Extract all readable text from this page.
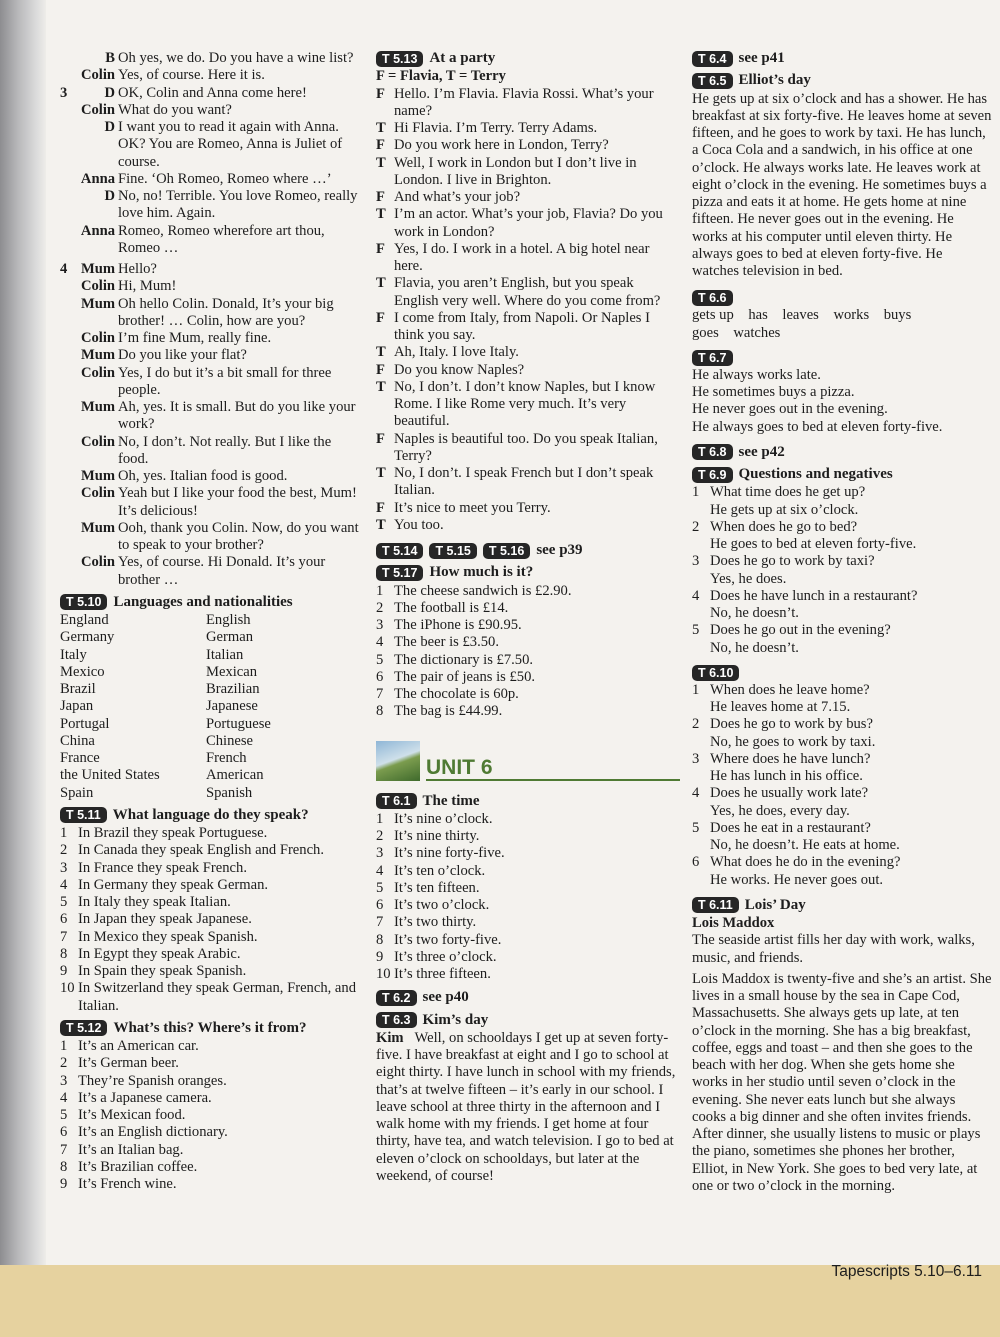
B Oh yes, we do. Do you have a wine list?
Colin Yes, of course. Here it is.
3	D OK, Colin and Anna come here!
Colin What do you want?
D I want you to read it again with Anna. OK? You are Romeo, Anna is Juliet of course.
Anna Fine. ‘Oh Romeo, Romeo where …’
D No, no! Terrible. You love Romeo, really love him. Again.
Anna Romeo, Romeo wherefore art thou, Romeo …
4 Mum Hello?
Colin Hi, Mum!
Mum Oh hello Colin. Donald, It’s your big brother! … Colin, how are you?
Colin I’m fine Mum, really fine.
Mum Do you like your flat?
Colin Yes, I do but it’s a bit small for three people.
Mum Ah, yes. It is small. But do you like your work?
Colin No, I don’t. Not really. But I like the food.
Mum Oh, yes. Italian food is good.
Colin Yeah but I like your food the best, Mum! It’s delicious!
Mum Ooh, thank you Colin. Now, do you want to speak to your brother?
Colin Yes, of course. Hi Donald. It’s your brother …
T 5.10 Languages and nationalities
England	English
Germany	German
Italy	Italian
Mexico	Mexican
Brazil	Brazilian
Japan	Japanese
Portugal	Portuguese
China	Chinese
France	French
the United States	American
Spain	Spanish
T 5.11 What language do they speak?
1 In Brazil they speak Portuguese.
2 In Canada they speak English and French.
3 In France they speak French.
4 In Germany they speak German.
5 In Italy they speak Italian.
6 In Japan they speak Japanese.
7 In Mexico they speak Spanish.
8 In Egypt they speak Arabic.
9 In Spain they speak Spanish.
10 In Switzerland they speak German, French, and Italian.
T 5.12 What’s this? Where’s it from?
1 It’s an American car.
2 It’s German beer.
3 They’re Spanish oranges.
4 It’s a Japanese camera.
5 It’s Mexican food.
6 It’s an English dictionary.
7 It’s an Italian bag.
8 It’s Brazilian coffee.
9 It’s French wine.
T 5.13 At a party
F = Flavia, T = Terry
F Hello. I’m Flavia. Flavia Rossi. What’s your name?
T Hi Flavia. I’m Terry. Terry Adams.
F Do you work here in London, Terry?
T Well, I work in London but I don’t live in London. I live in Brighton.
F And what’s your job?
T I’m an actor. What’s your job, Flavia? Do you work in London?
F Yes, I do. I work in a hotel. A big hotel near here.
T Flavia, you aren’t English, but you speak English very well. Where do you come from?
F I come from Italy, from Napoli. Or Naples I think you say.
T Ah, Italy. I love Italy.
F Do you know Naples?
T No, I don’t. I don’t know Naples, but I know Rome. I like Rome very much. It’s very beautiful.
F Naples is beautiful too. Do you speak Italian, Terry?
T No, I don’t. I speak French but I don’t speak Italian.
F It’s nice to meet you Terry.
T You too.
T 5.14	T 5.15	T 5.16 see p39
T 5.17 How much is it?
1 The cheese sandwich is £2.90.
2 The football is £14.
3 The iPhone is £90.95.
4 The beer is £3.50.
5 The dictionary is £7.50.
6 The pair of jeans is £50.
7 The chocolate is 60p.
8 The bag is £44.99.
UNIT 6
T 6.1 The time
1 It’s nine o’clock.
2 It’s nine thirty.
3 It’s nine forty-five.
4 It’s ten o’clock.
5 It’s ten fifteen.
6 It’s two o’clock.
7 It’s two thirty.
8 It’s two forty-five.
9 It’s three o’clock.
10 It’s three fifteen.
T 6.2 see p40
T 6.3 Kim’s day
Kim Well, on schooldays I get up at seven forty-five. I have breakfast at eight and I go to school at eight thirty. I have lunch in school with my friends, that’s at twelve fifteen – it’s early in our school. I leave school at three thirty in the afternoon and I walk home with my friends. I get home at four thirty, have tea, and watch television. I go to bed at eleven o’clock on schooldays, but later at the weekend, of course!
T 6.4 see p41
T 6.5 Elliot’s day
He gets up at six o’clock and has a shower. He has breakfast at six forty-five. He leaves home at seven fifteen, and he goes to work by taxi. He has lunch, a Coca Cola and a sandwich, in his office at one o’clock. He always works late. He leaves work at eight o’clock in the evening. He sometimes buys a pizza and eats it at home. He gets home at nine fifteen. He never goes out in the evening. He works at his computer until eleven thirty. He always goes to bed at eleven forty-five. He watches television in bed.
T 6.6
gets up    has    leaves    works    buys
goes    watches
T 6.7
He always works late.
He sometimes buys a pizza.
He never goes out in the evening.
He always goes to bed at eleven forty-five.
T 6.8 see p42
T 6.9 Questions and negatives
1 What time does he get up?
He gets up at six o’clock.
2 When does he go to bed?
He goes to bed at eleven forty-five.
3 Does he go to work by taxi?
Yes, he does.
4 Does he have lunch in a restaurant?
No, he doesn’t.
5 Does he go out in the evening?
No, he doesn’t.
T 6.10
1 When does he leave home?
He leaves home at 7.15.
2 Does he go to work by bus?
No, he goes to work by taxi.
3 Where does he have lunch?
He has lunch in his office.
4 Does he usually work late?
Yes, he does, every day.
5 Does he eat in a restaurant?
No, he doesn’t. He eats at home.
6 What does he do in the evening?
He works. He never goes out.
T 6.11 Lois’ Day
Lois Maddox
The seaside artist fills her day with work, walks, music, and friends.
Lois Maddox is twenty-five and she’s an artist. She lives in a small house by the sea in Cape Cod, Massachusetts. She always gets up late, at ten o’clock in the morning. She has a big breakfast, coffee, eggs and toast – and then she goes to the beach with her dog. When she gets home she works in her studio until seven o’clock in the evening. She never eats lunch but she always cooks a big dinner and she often invites friends. After dinner, she usually listens to music or plays the piano, sometimes she phones her brother, Elliot, in New York. She goes to bed very late, at one or two o’clock in the morning.
Tapescripts 5.10–6.11
